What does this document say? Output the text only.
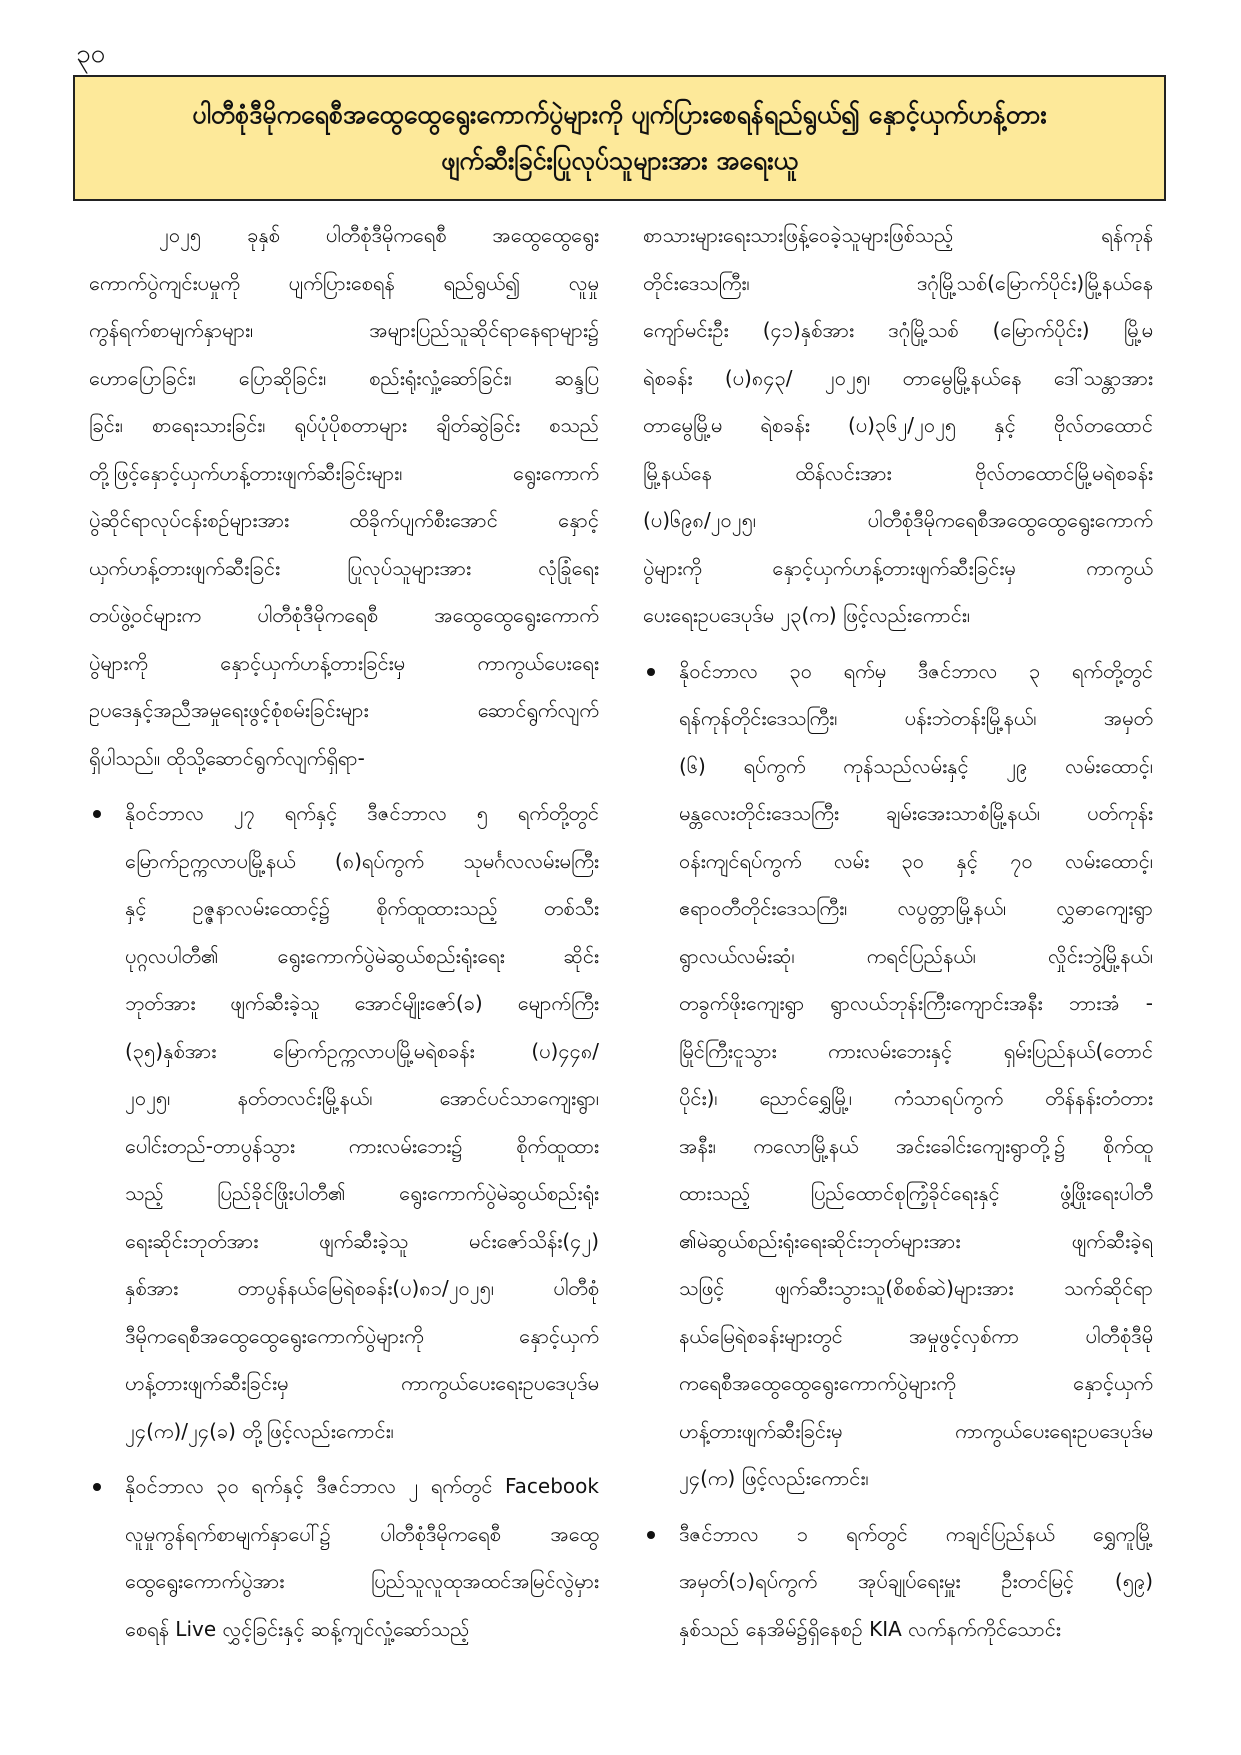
၃၀
ပါတီစုံဒီမိုကရေစီအထွေထွေရွေးကောက်ပွဲများကို ပျက်ပြားစေရန်ရည်ရွယ်၍ နှောင့်ယှက်ဟန့်တား
ဖျက်ဆီးခြင်းပြုလုပ်သူများအား အရေးယူ
၂၀၂၅ ခုနှစ် ပါတီစုံဒီမိုကရေစီ အထွေထွေရွေး
ကောက်ပွဲကျင်းပမှုကို ပျက်ပြားစေရန် ရည်ရွယ်၍ လူမှု
ကွန်ရက်စာမျက်နှာများ၊ အများပြည်သူဆိုင်ရာနေရာများ၌
ဟောပြောခြင်း၊ ပြောဆိုခြင်း၊ စည်းရုံးလှုံ့ဆော်ခြင်း၊ ဆန္ဒပြ
ခြင်း၊ စာရေးသားခြင်း၊ ရုပ်ပုံပိုစတာများ ချိတ်ဆွဲခြင်း စသည်
တို့ဖြင့်နှောင့်ယှက်ဟန့်တားဖျက်ဆီးခြင်းများ၊ ရွေးကောက်
ပွဲဆိုင်ရာလုပ်ငန်းစဉ်များအား ထိခိုက်ပျက်စီးအောင် နှောင့်
ယှက်ဟန့်တားဖျက်ဆီးခြင်း ပြုလုပ်သူများအား လုံခြုံရေး
တပ်ဖွဲ့ဝင်များက ပါတီစုံဒီမိုကရေစီ အထွေထွေရွေးကောက်
ပွဲများကို နှောင့်ယှက်ဟန့်တားခြင်းမှ ကာကွယ်ပေးရေး
ဥပဒေနှင့်အညီအမှုရေးဖွင့်စုံစမ်းခြင်းများ ဆောင်ရွက်လျက်
ရှိပါသည်။ ထိုသို့ဆောင်ရွက်လျက်ရှိရာ-
နိုဝင်ဘာလ ၂၇ ရက်နှင့် ဒီဇင်ဘာလ ၅ ရက်တို့တွင်
မြောက်ဥက္ကလာပမြို့နယ် (၈)ရပ်ကွက် သုမင်္ဂလလမ်းမကြီး
နှင့် ဥဇ္ဇနာလမ်းထောင့်၌ စိုက်ထူထားသည့် တစ်သီး
ပုဂ္ဂလပါတီ၏ ရွေးကောက်ပွဲမဲဆွယ်စည်းရုံးရေး ဆိုင်း
ဘုတ်အား ဖျက်ဆီးခဲ့သူ အောင်မျိုးဇော်(ခ) မျောက်ကြီး
(၃၅)နှစ်အား မြောက်ဥက္ကလာပမြို့မရဲစခန်း (ပ)၄၄၈/
၂၀၂၅၊ နတ်တလင်းမြို့နယ်၊ အောင်ပင်သာကျေးရွာ၊
ပေါင်းတည်-တာပွန်သွား ကားလမ်းဘေး၌ စိုက်ထူထား
သည့် ပြည်ခိုင်ဖြိုးပါတီ၏ ရွေးကောက်ပွဲမဲဆွယ်စည်းရုံး
ရေးဆိုင်းဘုတ်အား ဖျက်ဆီးခဲ့သူ မင်းဇော်သိန်း(၄၂)
နှစ်အား တာပွန်နယ်မြေရဲစခန်း(ပ)၈၁/၂၀၂၅၊ ပါတီစုံ
ဒီမိုကရေစီအထွေထွေရွေးကောက်ပွဲများကို နှောင့်ယှက်
ဟန့်တားဖျက်ဆီးခြင်းမှ ကာကွယ်ပေးရေးဥပဒေပုဒ်မ
၂၄(က)/၂၄(ခ) တို့ဖြင့်လည်းကောင်း၊
နိုဝင်ဘာလ ၃၀ ရက်နှင့် ဒီဇင်ဘာလ ၂ ရက်တွင် Facebook
လူမှုကွန်ရက်စာမျက်နှာပေါ်၌ ပါတီစုံဒီမိုကရေစီ အထွေ
ထွေရွေးကောက်ပွဲအား ပြည်သူလူထုအထင်အမြင်လွဲမှား
စေရန် Live လွှင့်ခြင်းနှင့် ဆန့်ကျင်လှုံ့ဆော်သည့်
စာသားများရေးသားဖြန့်ဝေခဲ့သူများဖြစ်သည့် ရန်ကုန်
တိုင်းဒေသကြီး၊ ဒဂုံမြို့သစ်(မြောက်ပိုင်း)မြို့နယ်နေ
ကျော်မင်းဦး (၄၁)နှစ်အား ဒဂုံမြို့သစ် (မြောက်ပိုင်း) မြို့မ
ရဲစခန်း (ပ)၈၄၃/ ၂၀၂၅၊ တာမွေမြို့နယ်နေ ဒေါ်သန္တာအား
တာမွေမြို့မ ရဲစခန်း (ပ)၃၆၂/၂၀၂၅ နှင့် ဗိုလ်တထောင်
မြို့နယ်နေ ထိန်လင်းအား ဗိုလ်တထောင်မြို့မရဲစခန်း
(ပ)၆၉၈/၂၀၂၅၊ ပါတီစုံဒီမိုကရေစီအထွေထွေရွေးကောက်
ပွဲများကို နှောင့်ယှက်ဟန့်တားဖျက်ဆီးခြင်းမှ ကာကွယ်
ပေးရေးဥပဒေပုဒ်မ ၂၃(က) ဖြင့်လည်းကောင်း၊
နိုဝင်ဘာလ ၃၀ ရက်မှ ဒီဇင်ဘာလ ၃ ရက်တို့တွင်
ရန်ကုန်တိုင်းဒေသကြီး၊ ပန်းဘဲတန်းမြို့နယ်၊ အမှတ်
(၆) ရပ်ကွက် ကုန်သည်လမ်းနှင့် ၂၉ လမ်းထောင့်၊
မန္တလေးတိုင်းဒေသကြီး ချမ်းအေးသာစံမြို့နယ်၊ ပတ်ကုန်း
ဝန်းကျင်ရပ်ကွက် လမ်း ၃၀ နှင့် ၇၀ လမ်းထောင့်၊
ဧရာဝတီတိုင်းဒေသကြီး၊ လပွတ္တာမြို့နယ်၊ လွှဓာကျေးရွာ
ရွာလယ်လမ်းဆုံ၊ ကရင်ပြည်နယ်၊ လှိုင်းဘွဲ့မြို့နယ်၊
တခွက်ဖိုးကျေးရွာ ရွာလယ်ဘုန်းကြီးကျောင်းအနီး ဘားအံ -
မြိုင်ကြီးငူသွား ကားလမ်းဘေးနှင့် ရှမ်းပြည်နယ်(တောင်
ပိုင်း)၊ ညောင်ရွှေမြို့၊ ကံသာရပ်ကွက် တိန်နန်းတံတား
အနီး၊ ကလောမြို့နယ် အင်းခေါင်းကျေးရွာတို့၌ စိုက်ထူ
ထားသည့် ပြည်ထောင်စုကြံ့ခိုင်ရေးနှင့် ဖွံ့ဖြိုးရေးပါတီ
၏မဲဆွယ်စည်းရုံးရေးဆိုင်းဘုတ်များအား ဖျက်ဆီးခဲ့ရ
သဖြင့် ဖျက်ဆီးသွားသူ(စိစစ်ဆဲ)များအား သက်ဆိုင်ရာ
နယ်မြေရဲစခန်းများတွင် အမှုဖွင့်လှစ်ကာ ပါတီစုံဒီမို
ကရေစီအထွေထွေရွေးကောက်ပွဲများကို နှောင့်ယှက်
ဟန့်တားဖျက်ဆီးခြင်းမှ ကာကွယ်ပေးရေးဥပဒေပုဒ်မ
၂၄(က) ဖြင့်လည်းကောင်း၊
ဒီဇင်ဘာလ ၁ ရက်တွင် ကချင်ပြည်နယ် ရွှေကူမြို့
အမှတ်(၁)ရပ်ကွက် အုပ်ချုပ်ရေးမှူး ဦးတင်မြင့် (၅၉)
နှစ်သည် နေအိမ်၌ရှိနေစဉ် KIA လက်နက်ကိုင်သောင်း
